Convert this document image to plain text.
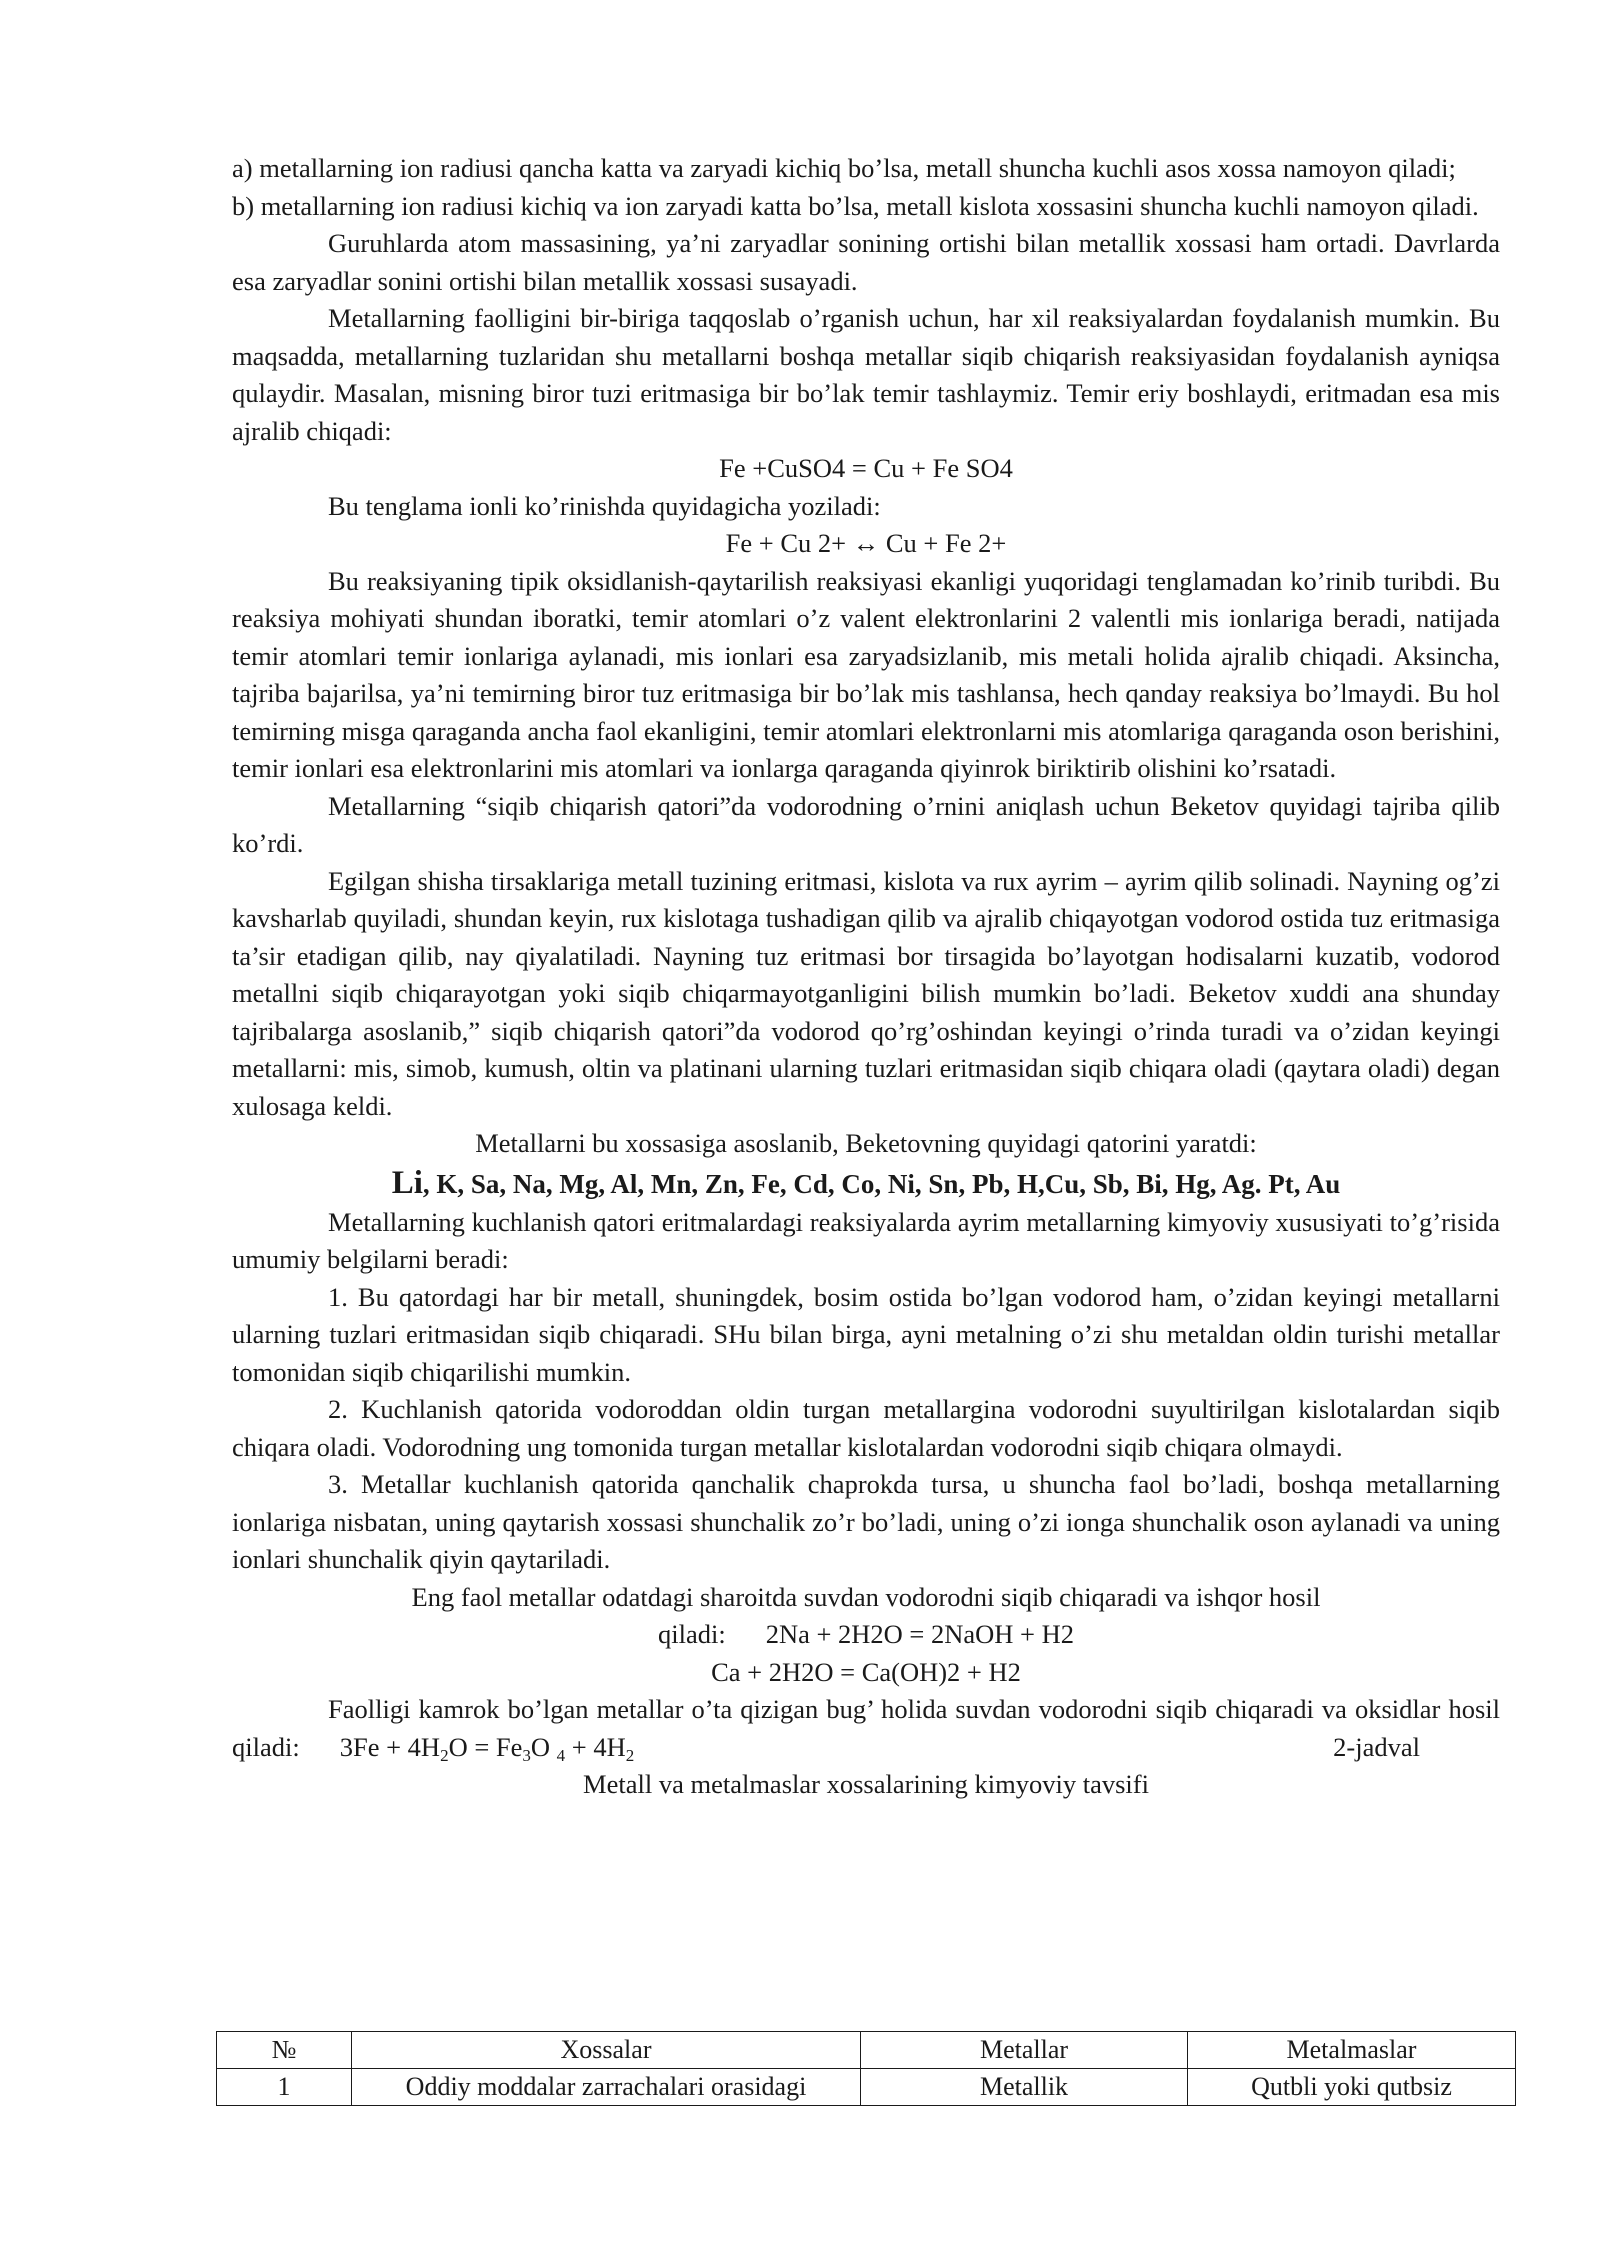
a) metallarning ion radiusi qancha katta va zaryadi kichiq bo’lsa, metall shuncha kuchli asos xossa namoyon qiladi;

b) metallarning ion radiusi kichiq va ion zaryadi katta bo’lsa, metall kislota xossasini shuncha kuchli namoyon qiladi.

Guruhlarda atom massasining, ya’ni zaryadlar sonining ortishi bilan metallik xossasi ham ortadi. Davrlarda esa zaryadlar sonini ortishi bilan metallik xossasi susayadi.

Metallarning faolligini bir-biriga taqqoslab o’rganish uchun, har xil reaksiyalardan foydalanish mumkin. Bu maqsadda, metallarning tuzlaridan shu metallarni boshqa metallar siqib chiqarish reaksiyasidan foydalanish ayniqsa qulaydir. Masalan, misning biror tuzi eritmasiga bir bo’lak temir tashlaymiz. Temir eriy boshlaydi, eritmadan esa mis ajralib chiqadi:

Fe +CuSO4 = Cu + Fe SO4

Bu tenglama ionli ko’rinishda quyidagicha yoziladi:

Fe + Cu 2+ ↔ Cu + Fe 2+

Bu reaksiyaning tipik oksidlanish-qaytarilish reaksiyasi ekanligi yuqoridagi tenglamadan ko’rinib turibdi. Bu reaksiya mohiyati shundan iboratki, temir atomlari o’z valent elektronlarini 2 valentli mis ionlariga beradi, natijada temir atomlari temir ionlariga aylanadi, mis ionlari esa zaryadsizlanib, mis metali holida ajralib chiqadi. Aksincha, tajriba bajarilsa, ya’ni temirning biror tuz eritmasiga bir bo’lak mis tashlansa, hech qanday reaksiya bo’lmaydi. Bu hol temirning misga qaraganda ancha faol ekanligini, temir atomlari elektronlarni mis atomlariga qaraganda oson berishini, temir ionlari esa elektronlarini mis atomlari va ionlarga qaraganda qiyinrok biriktirib olishini ko’rsatadi.

Metallarning “siqib chiqarish qatori”da vodorodning o’rnini aniqlash uchun Beketov quyidagi tajriba qilib ko’rdi.

Egilgan shisha tirsaklariga metall tuzining eritmasi, kislota va rux ayrim – ayrim qilib solinadi. Nayning og’zi kavsharlab quyiladi, shundan keyin, rux kislotaga tushadigan qilib va ajralib chiqayotgan vodorod ostida tuz eritmasiga ta’sir etadigan qilib, nay qiyalatiladi. Nayning tuz eritmasi bor tirsagida bo’layotgan hodisalarni kuzatib, vodorod metallni siqib chiqarayotgan yoki siqib chiqarmayotganligini bilish mumkin bo’ladi. Beketov xuddi ana shunday tajribalarga asoslanib,” siqib chiqarish qatori”da vodorod qo’rg’oshindan keyingi o’rinda turadi va o’zidan keyingi metallarni: mis, simob, kumush, oltin va platinani ularning tuzlari eritmasidan siqib chiqara oladi (qaytara oladi) degan xulosaga keldi.

Metallarni bu xossasiga asoslanib, Beketovning quyidagi qatorini yaratdi:

Li, K, Sa, Na, Mg, Al, Mn, Zn, Fe, Cd, Co, Ni, Sn, Pb, H,Cu, Sb, Bi, Hg, Ag. Pt, Au

Metallarning kuchlanish qatori eritmalardagi reaksiyalarda ayrim metallarning kimyoviy xususiyati to’g’risida umumiy belgilarni beradi:

1. Bu qatordagi har bir metall, shuningdek, bosim ostida bo’lgan vodorod ham, o’zidan keyingi metallarni ularning tuzlari eritmasidan siqib chiqaradi. SHu bilan birga, ayni metalning o’zi shu metaldan oldin turishi metallar tomonidan siqib chiqarilishi mumkin.

2. Kuchlanish qatorida vodoroddan oldin turgan metallargina vodorodni suyultirilgan kislotalardan siqib chiqara oladi. Vodorodning ung tomonida turgan metallar kislotalardan vodorodni siqib chiqara olmaydi.

3. Metallar kuchlanish qatorida qanchalik chaprokda tursa, u shuncha faol bo’ladi, boshqa metallarning ionlariga nisbatan, uning qaytarish xossasi shunchalik zo’r bo’ladi, uning o’zi ionga shunchalik oson aylanadi va uning ionlari shunchalik qiyin qaytariladi.

Eng faol metallar odatdagi sharoitda suvdan vodorodni siqib chiqaradi va ishqor hosil

qiladi: 2Na + 2H2O = 2NaOH + H2

Ca + 2H2O = Ca(OH)2 + H2

Faolligi kamrok bo’lgan metallar o’ta qizigan bug’ holida suvdan vodorodni siqib chiqaradi va oksidlar hosil qiladi: $3Fe + 4H_2O = Fe_3O$ $_4 + 4H_2$	2-jadval

Metall va metalmaslar xossalarining kimyoviy tavsifi

№	Xossalar	Metallar	Metalmaslar
1	Oddiy moddalar zarrachalari orasidagi	Metallik	Qutbli yoki qutbsiz
